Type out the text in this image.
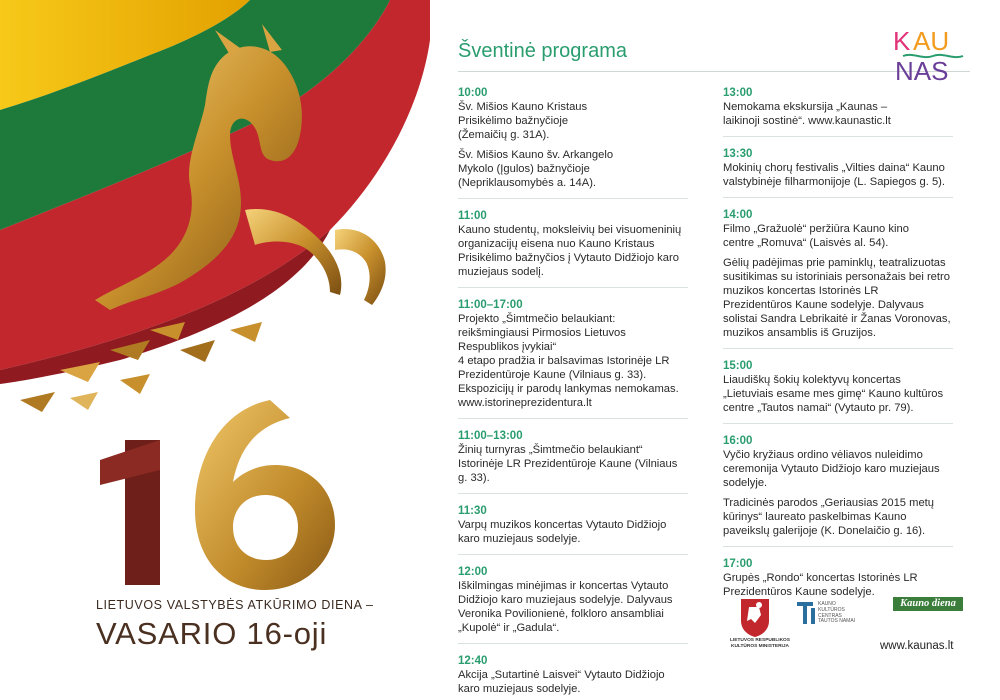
LIETUVOS VALSTYBĖS ATKŪRIMO DIENA –
VASARIO 16-oji
Šventinė programa
10:00
Šv. Mišios Kauno Kristaus
Prisikėlimo bažnyčioje
(Žemaičių g. 31A).
Šv. Mišios Kauno šv. Arkangelo
Mykolo (Įgulos) bažnyčioje
(Nepriklausomybės a. 14A).
11:00
Kauno studentų, moksleivių bei visuomeninių
organizacijų eisena nuo Kauno Kristaus
Prisikėlimo bažnyčios į Vytauto Didžiojo karo
muziejaus sodelį.
11:00–17:00
Projekto „Šimtmečio belaukiant:
reikšmingiausi Pirmosios Lietuvos
Respublikos įvykiai“
4 etapo pradžia ir balsavimas Istorinėje LR
Prezidentūroje Kaune (Vilniaus g. 33).
Ekspozicijų ir parodų lankymas nemokamas.
www.istorineprezidentura.lt
11:00–13:00
Žinių turnyras „Šimtmečio belaukiant“
Istorinėje LR Prezidentūroje Kaune (Vilniaus
g. 33).
11:30
Varpų muzikos koncertas Vytauto Didžiojo
karo muziejaus sodelyje.
12:00
Iškilmingas minėjimas ir koncertas Vytauto
Didžiojo karo muziejaus sodelyje. Dalyvaus
Veronika Povilionienė, folkloro ansambliai
„Kupolė“ ir „Gadula“.
12:40
Akcija „Sutartinė Laisvei“ Vytauto Didžiojo
karo muziejaus sodelyje.
13:00
Nemokama ekskursija „Kaunas –
laikinoji sostinė“. www.kaunastic.lt
13:30
Mokinių chorų festivalis „Vilties daina“ Kauno
valstybinėje filharmonijoje (L. Sapiegos g. 5).
14:00
Filmo „Gražuolė“ peržiūra Kauno kino
centre „Romuva“ (Laisvės al. 54).
Gėlių padėjimas prie paminklų, teatralizuotas
susitikimas su istoriniais personažais bei retro
muzikos koncertas Istorinės LR
Prezidentūros Kaune sodelyje. Dalyvaus
solistai Sandra Lebrikaitė ir Žanas Voronovas,
muzikos ansamblis iš Gruzijos.
15:00
Liaudiškų šokių kolektyvų koncertas
„Lietuviais esame mes gimę“ Kauno kultūros
centre „Tautos namai“ (Vytauto pr. 79).
16:00
Vyčio kryžiaus ordino vėliavos nuleidimo
ceremonija Vytauto Didžiojo karo muziejaus
sodelyje.
Tradicinės parodos „Geriausias 2015 metų
kūrinys“ laureato paskelbimas Kauno
paveikslų galerijoje (K. Donelaičio g. 16).
17:00
Grupės „Rondo“ koncertas Istorinės LR
Prezidentūros Kaune sodelyje.
K AU
NAS
LIETUVOS RESPUBLIKOS
KULTŪROS MINISTERIJA
KAUNO
KULTŪROS
CENTRAS
TAUTOS NAMAI
Kauno diena
www.kaunas.lt
